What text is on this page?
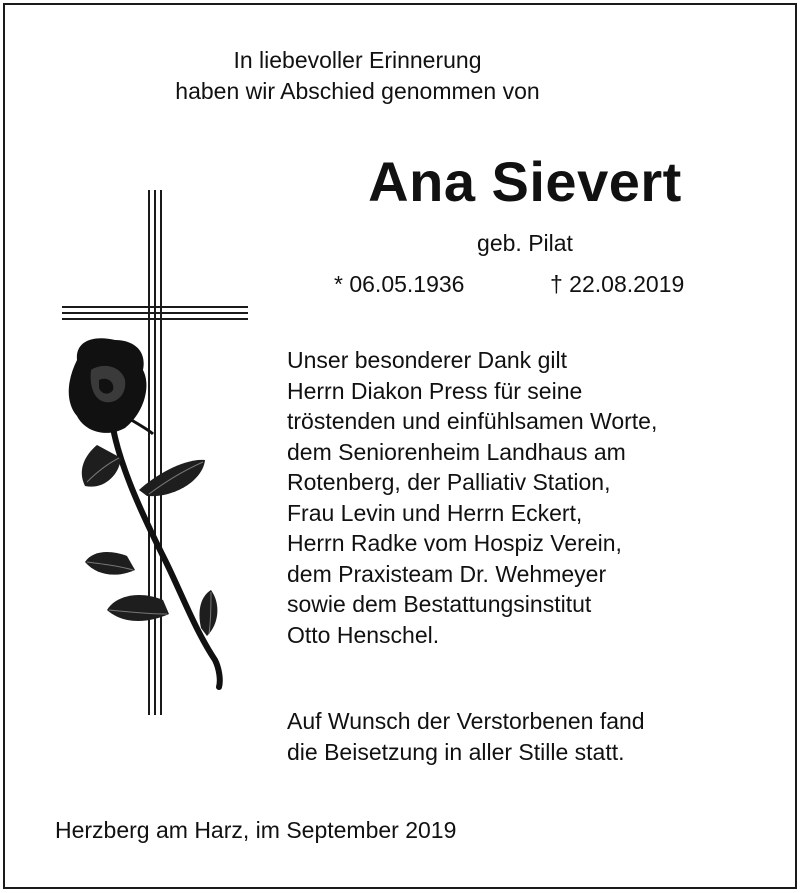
In liebevoller Erinnerung
haben wir Abschied genommen von
Ana Sievert
geb. Pilat
* 06.05.1936	† 22.08.2019
Unser besonderer Dank gilt
Herrn Diakon Press für seine
tröstenden und einfühlsamen Worte,
dem Seniorenheim Landhaus am
Rotenberg, der Palliativ Station,
Frau Levin und Herrn Eckert,
Herrn Radke vom Hospiz Verein,
dem Praxisteam Dr. Wehmeyer
sowie dem Bestattungsinstitut
Otto Henschel.
Auf Wunsch der Verstorbenen fand
die Beisetzung in aller Stille statt.
Herzberg am Harz, im September 2019
